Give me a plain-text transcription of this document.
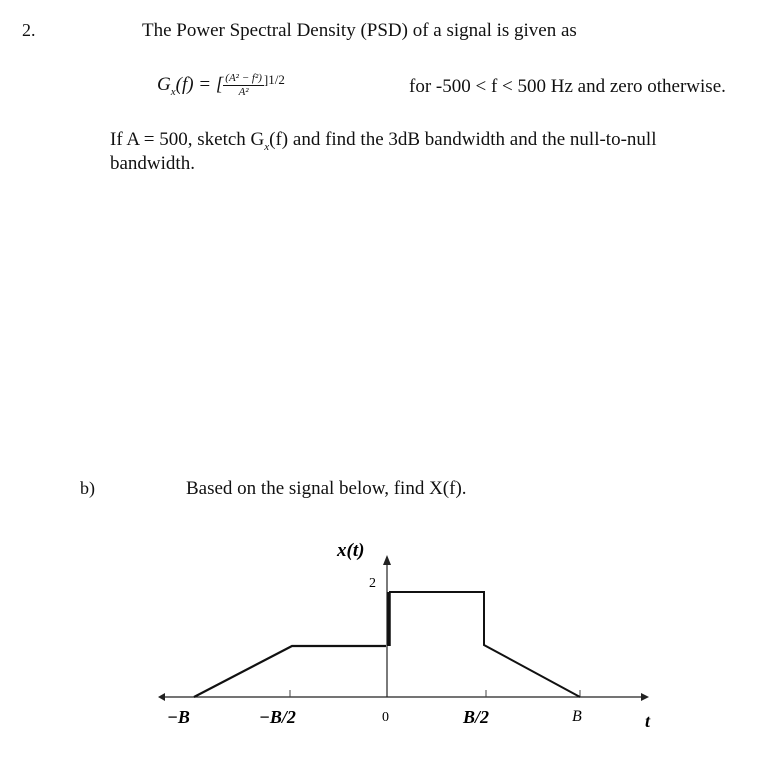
2.	The Power Spectral Density (PSD) of a signal is given as
$G_x(f)$ = [ $\frac{\text{(A² − f²)}}{\text{A²}} ^{]1/2}$	for -500 < f < 500 Hz and zero otherwise.
If A = 500, sketch $G_x(f)$ and find the 3dB bandwidth and the null-to-null
bandwidth.
b)	Based on the signal below, find X(f).
x(t)
2
−B	−B/2	0	B/2	B	t
